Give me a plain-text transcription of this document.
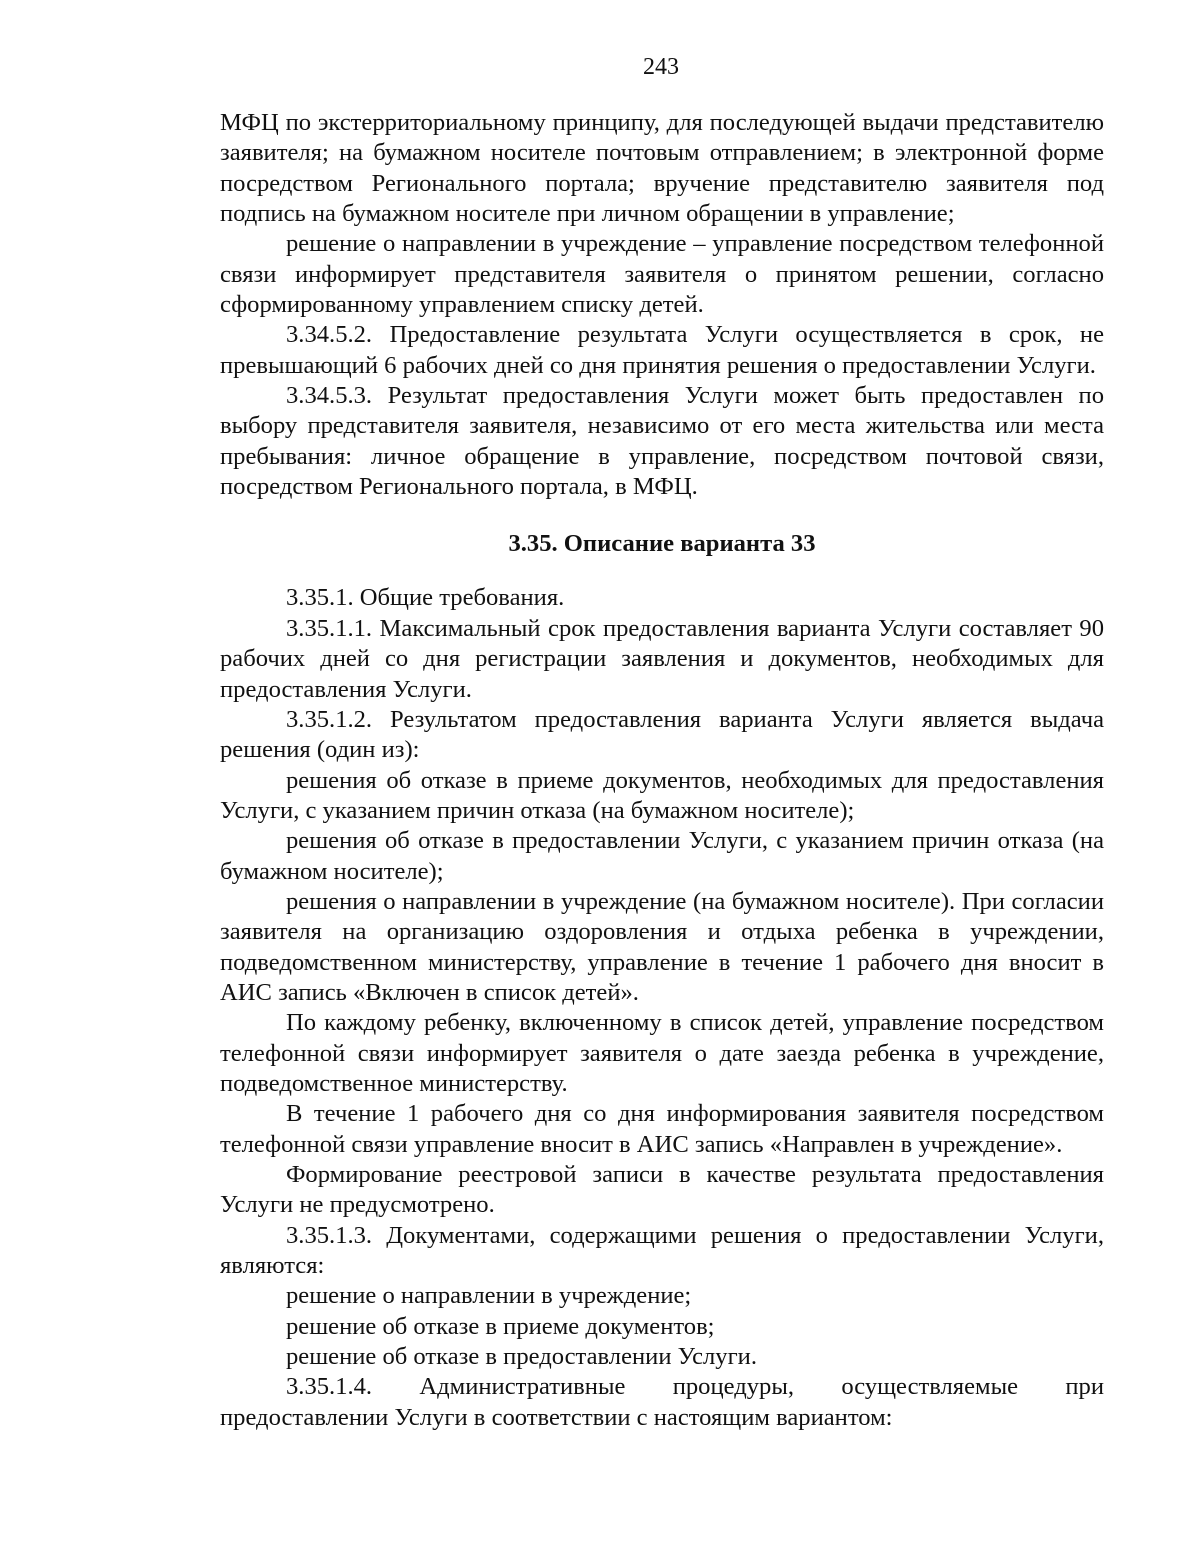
243

МФЦ по экстерриториальному принципу, для последующей выдачи представителю заявителя; на бумажном носителе почтовым отправлением; в электронной форме посредством Регионального портала; вручение представителю заявителя под подпись на бумажном носителе при личном обращении в управление;

решение о направлении в учреждение – управление посредством телефонной связи информирует представителя заявителя о принятом решении, согласно сформированному управлением списку детей.

3.34.5.2. Предоставление результата Услуги осуществляется в срок, не превышающий 6 рабочих дней со дня принятия решения о предоставлении Услуги.

3.34.5.3. Результат предоставления Услуги может быть предоставлен по выбору представителя заявителя, независимо от его места жительства или места пребывания: личное обращение в управление, посредством почтовой связи, посредством Регионального портала, в МФЦ.

3.35. Описание варианта 33

3.35.1. Общие требования.

3.35.1.1. Максимальный срок предоставления варианта Услуги составляет 90 рабочих дней со дня регистрации заявления и документов, необходимых для предоставления Услуги.

3.35.1.2. Результатом предоставления варианта Услуги является выдача решения (один из):

решения об отказе в приеме документов, необходимых для предоставления Услуги, с указанием причин отказа (на бумажном носителе);

решения об отказе в предоставлении Услуги, с указанием причин отказа (на бумажном носителе);

решения о направлении в учреждение (на бумажном носителе). При согласии заявителя на организацию оздоровления и отдыха ребенка в учреждении, подведомственном министерству, управление в течение 1 рабочего дня вносит в АИС запись «Включен в список детей».

По каждому ребенку, включенному в список детей, управление посредством телефонной связи информирует заявителя о дате заезда ребенка в учреждение, подведомственное министерству.

В течение 1 рабочего дня со дня информирования заявителя посредством телефонной связи управление вносит в АИС запись «Направлен в учреждение».

Формирование реестровой записи в качестве результата предоставления Услуги не предусмотрено.

3.35.1.3. Документами, содержащими решения о предоставлении Услуги, являются:

решение о направлении в учреждение;

решение об отказе в приеме документов;

решение об отказе в предоставлении Услуги.

3.35.1.4. Административные процедуры, осуществляемые при предоставлении Услуги в соответствии с настоящим вариантом:
